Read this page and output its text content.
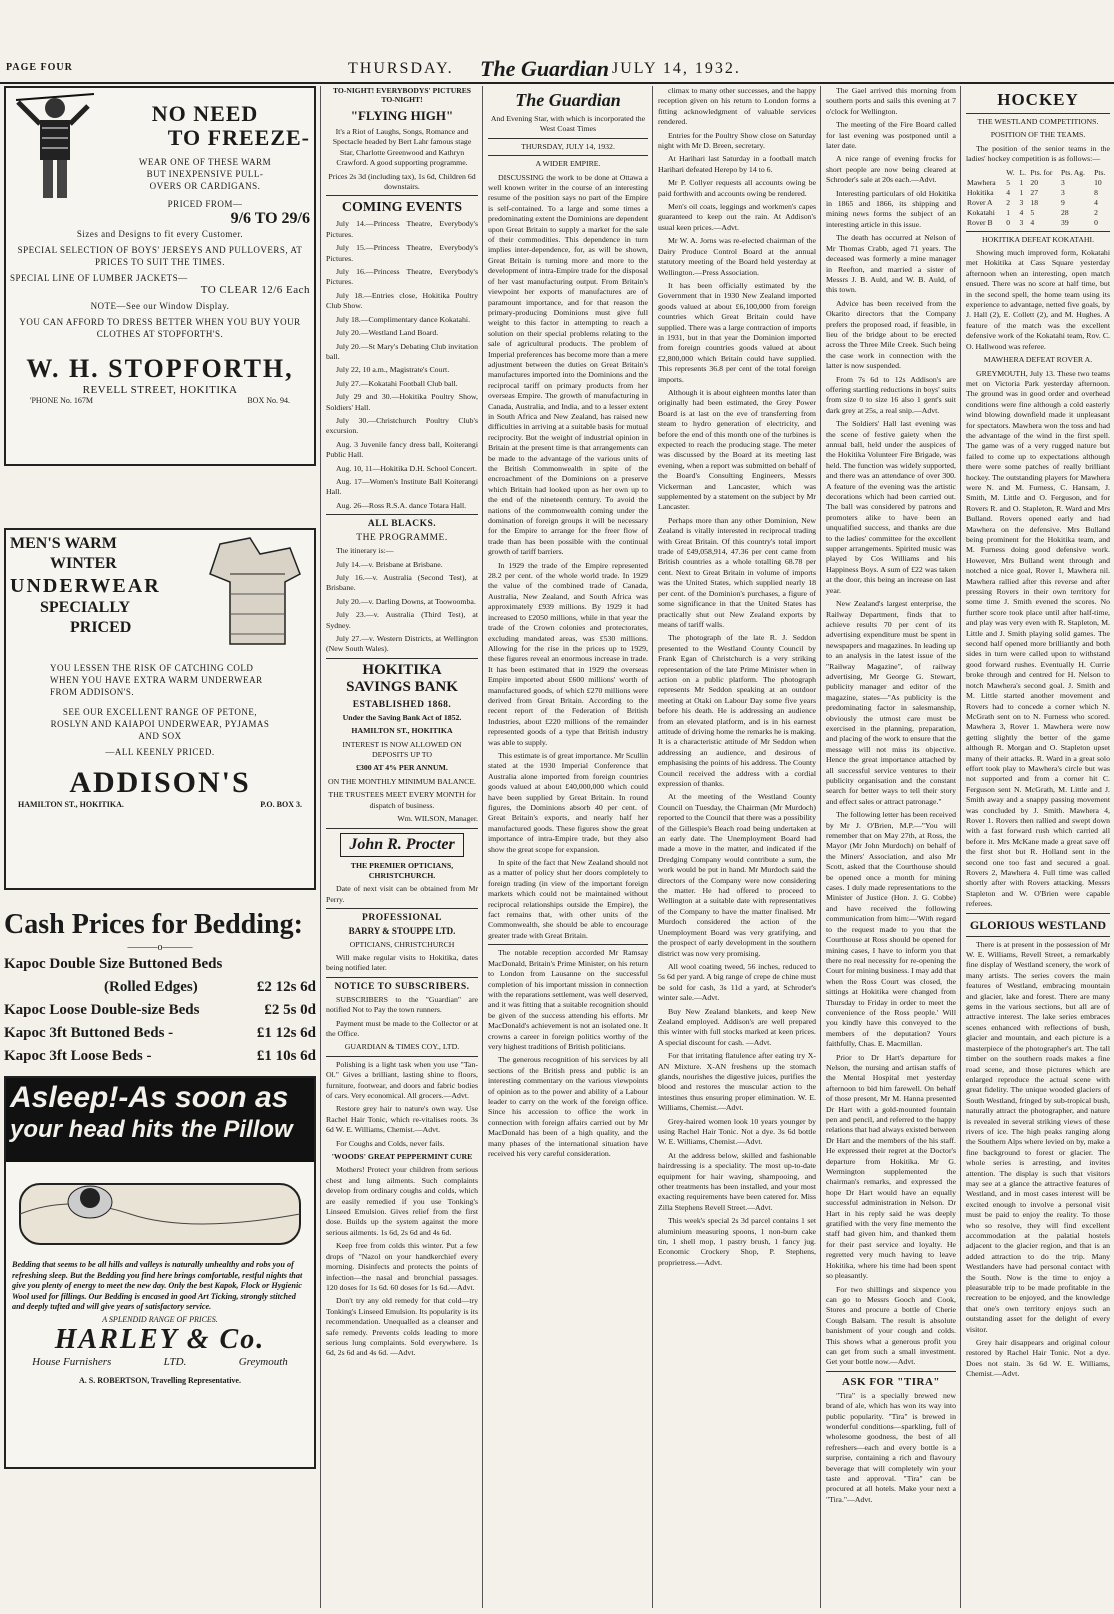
PAGE FOUR	THURSDAY. The Guardian JULY 14, 1932.
NO NEED
TO FREEZE-
WEAR ONE OF THESE WARM
BUT INEXPENSIVE PULL-
OVERS OR CARDIGANS.
PRICED FROM—
9/6 TO 29/6
Sizes and Designs to fit every Customer.
SPECIAL SELECTION OF BOYS' JERSEYS AND PULLOVERS, AT PRICES TO SUIT THE TIMES.
SPECIAL LINE OF LUMBER JACKETS—
TO CLEAR 12/6 Each
NOTE—See our Window Display.
YOU CAN AFFORD TO DRESS BETTER WHEN YOU BUY YOUR CLOTHES AT STOPFORTH'S.
W. H. STOPFORTH,
REVELL STREET, HOKITIKA
'PHONE No. 167M	BOX No. 94.
MEN'S WARM
WINTER
UNDERWEAR
SPECIALLY
PRICED
YOU LESSEN THE RISK OF CATCHING COLD WHEN YOU HAVE EXTRA WARM UNDERWEAR FROM ADDISON'S.
SEE OUR EXCELLENT RANGE OF PETONE, ROSLYN AND KAIAPOI UNDERWEAR, PYJAMAS AND SOX
—ALL KEENLY PRICED.
ADDISON'S
HAMILTON ST., HOKITIKA.	P.O. BOX 3.
Cash Prices for Bedding:
———o———
Kapoc Double Size Buttoned Beds
(Rolled Edges)	£2 12s 6d
Kapoc Loose Double-size Beds	£2 5s 0d
Kapoc 3ft Buttoned Beds -	£1 12s 6d
Kapoc 3ft Loose Beds -	£1 10s 6d
Asleep!-As soon as
your head hits the Pillow
Bedding that seems to be all hills and valleys is naturally unhealthy and robs you of refreshing sleep. But the Bedding you find here brings comfortable, restful nights that give you plenty of energy to meet the new day. Only the best Kapok, Flock or Hygienic Wool used for fillings. Our Bedding is encased in good Art Ticking, strongly stitched and deeply tufted and will give years of satisfactory service.
A SPLENDID RANGE OF PRICES.
HARLEY & Co.
House Furnishers	LTD.	Greymouth
A. S. ROBERTSON, Travelling Representative.
TO-NIGHT! EVERYBODYS' PICTURES TO-NIGHT!
"FLYING HIGH"
It's a Riot of Laughs, Songs, Romance and Spectacle headed by Bert Lahr famous stage Star, Charlotte Greenwood and Kathryn Crawford. A good supporting programme.
Prices 2s 3d (including tax), 1s 6d, Children 6d downstairs.
COMING EVENTS
July 14.—Princess Theatre, Everybody's Pictures.
July 15.—Princess Theatre, Everybody's Pictures.
July 16.—Princess Theatre, Everybody's Pictures.
July 18.—Entries close, Hokitika Poultry Club Show.
July 18.—Complimentary dance Kokatahi.
July 20.—Westland Land Board.
July 20.—St Mary's Debating Club invitation ball.
July 22, 10 a.m., Magistrate's Court.
July 27.—Kokatahi Football Club ball.
July 29 and 30.—Hokitika Poultry Show, Soldiers' Hall.
July 30.—Christchurch Poultry Club's excursion.
Aug. 3 Juvenile fancy dress ball, Koiterangi Public Hall.
Aug. 10, 11—Hokitika D.H. School Concert.
Aug. 17—Women's Institute Ball Koiterangi Hall.
Aug. 26—Ross R.S.A. dance Totara Hall.
ALL BLACKS.
THE PROGRAMME.
The itinerary is:—
July 14.—v. Brisbane at Brisbane.
July 16.—v. Australia (Second Test), at Brisbane.
July 20.—v. Darling Downs, at Toowoomba.
July 23.—v. Australia (Third Test), at Sydney.
July 27.—v. Western Districts, at Wellington (New South Wales).
HOKITIKA
SAVINGS BANK
ESTABLISHED 1868.
Under the Saving Bank Act of 1852.
HAMILTON ST., HOKITIKA
INTEREST IS NOW ALLOWED ON DEPOSITS UP TO
£300 AT 4% PER ANNUM.
ON THE MONTHLY MINIMUM BALANCE.
THE TRUSTEES MEET EVERY MONTH for dispatch of business.
Wm. WILSON, Manager.
John R. Procter
THE PREMIER OPTICIANS, CHRISTCHURCH.
Date of next visit can be obtained from Mr Perry.
PROFESSIONAL
BARRY & STOUPPE LTD.
OPTICIANS, CHRISTCHURCH
Will make regular visits to Hokitika, dates being notified later.
NOTICE TO SUBSCRIBERS.
SUBSCRIBERS to the "Guardian" are notified Not to Pay the town runners.
Payment must be made to the Collector or at the Office.
GUARDIAN & TIMES COY., LTD.
Polishing is a light task when you use "Tan-Ol." Gives a brilliant, lasting shine to floors, furniture, footwear, and doors and fabric bodies of cars. Very economical. All grocers.—Advt.
Restore grey hair to nature's own way. Use Rachel Hair Tonic, which re-vitalises roots. 3s 6d W. E. Williams, Chemist.—Advt.
For Coughs and Colds, never fails.
'WOODS' GREAT PEPPERMINT CURE
Mothers! Protect your children from serious chest and lung ailments. Such complaints develop from ordinary coughs and colds, which are easily remedied if you use Tonking's Linseed Emulsion. Gives relief from the first dose. Builds up the system against the more serious ailments. 1s 6d, 2s 6d and 4s 6d.
Keep free from colds this winter. Put a few drops of "Nazol on your handkerchief every morning. Disinfects and protects the points of infection—the nasal and bronchial passages. 120 doses for 1s 6d. 60 doses for 1s 6d.—Advt.
Don't try any old remedy for that cold—try Tonking's Linseed Emulsion. Its popularity is its recommendation. Unequalled as a cleanser and safe remedy. Prevents colds leading to more serious lung complaints. Sold everywhere. 1s 6d, 2s 6d and 4s 6d. —Advt.
The Guardian
And Evening Star, with which is incorporated the West Coast Times
THURSDAY, JULY 14, 1932.
A WIDER EMPIRE.
DISCUSSING the work to be done at Ottawa a well known writer in the course of an interesting resume of the position says no part of the Empire is self-contained. To a large and some times a predominating extent the Dominions are dependent upon Great Britain to supply a market for the sale of their commodities. This dependence in turn implies inter-dependence, for, as will be shown, Great Britain is turning more and more to the development of intra-Empire trade for the disposal of her vast manufacturing output. From Britain's viewpoint her exports of manufactures are of paramount importance, and for that reason the primary-producing Dominions must give full weight to this factor in attempting to reach a solution on their special problems relating to the sale of agricultural products. The problem of Imperial preferences has become more than a mere adjustment between the duties on Great Britain's manufactures imported into the Dominions and the reciprocal tariff on primary products from her overseas Empire. The growth of manufacturing in Canada, Australia, and India, and to a lesser extent in South Africa and New Zealand, has raised new difficulties in arriving at a suitable basis for mutual reciprocity. But the weight of industrial opinion in Britain at the present time is that arrangements can be made to the advantage of the various units of the British Commonwealth in spite of the encroachment of the Dominions on a preserve which Britain had looked upon as her own up to the end of the nineteenth century. To avoid the nations of the commonwealth coming under the domination of foreign groups it will be necessary for the Empire to arrange for the freer flow of trade than has been possible with the continual growth of tariff barriers.
In 1929 the trade of the Empire represented 28.2 per cent. of the whole world trade. In 1929 the value of the combined trade of Canada, Australia, New Zealand, and South Africa was approximately £939 millions. By 1929 it had increased to £2050 millions, while in that year the trade of the Crown colonies and protectorates, excluding mandated areas, was £530 millions. Allowing for the rise in the prices up to 1929, these figures reveal an enormous increase in trade. It has been estimated that in 1929 the overseas Empire imported about £600 millions' worth of manufactured goods, of which £270 millions were derived from Great Britain. According to the recent report of the Federation of British Industries, about £220 millions of the remainder represented goods of a type that British industry was able to supply.
This estimate is of great importance. Mr Scullin stated at the 1930 Imperial Conference that Australia alone imported from foreign countries goods valued at about £40,000,000 which could have been supplied by Great Britain. In round figures, the Dominions absorb 40 per cent. of Great Britain's exports, and nearly half her manufactured goods. These figures show the great importance of intra-Empire trade, but they also show the great scope for expansion.
In spite of the fact that New Zealand should not as a matter of policy shut her doors completely to foreign trading (in view of the important foreign markets which could not be maintained without reciprocal relationships outside the Empire), the fact remains that, with other units of the Commonwealth, she should be able to encourage greater trade with Great Britain.
The notable reception accorded Mr Ramsay MacDonald, Britain's Prime Minister, on his return to London from Lausanne on the successful completion of his important mission in connection with the reparations settlement, was well deserved, and it was fitting that a suitable recognition should be given of the success attending his efforts. Mr MacDonald's achievement is not an isolated one. It crowns a career in foreign politics worthy of the very highest traditions of British politicians.
The generous recognition of his services by all sections of the British press and public is an interesting commentary on the various viewpoints of opinion as to the power and ability of a Labour leader to carry on the work of the foreign office. Since his accession to office the work in connection with foreign affairs carried out by Mr MacDonald has been of a high quality, and the many phases of the international situation have received his very careful consideration.
climax to many other successes, and the happy reception given on his return to London forms a fitting acknowledgment of valuable services rendered.
Entries for the Poultry Show close on Saturday night with Mr D. Breen, secretary.
At Harihari last Saturday in a football match Harihari defeated Herepo by 14 to 6.
Mr P. Collyer requests all accounts owing be paid forthwith and accounts owing be rendered.
Men's oil coats, leggings and workmen's capes guaranteed to keep out the rain. At Addison's usual keen prices.—Advt.
Mr W. A. Jorns was re-elected chairman of the Dairy Produce Control Board at the annual statutory meeting of the Board held yesterday at Wellington.—Press Association.
It has been officially estimated by the Government that in 1930 New Zealand imported goods valued at about £6,100,000 from foreign countries which Great Britain could have supplied. There was a large contraction of imports in 1931, but in that year the Dominion imported from foreign countries goods valued at about £2,800,000 which Britain could have supplied. This represents 36.8 per cent of the total foreign imports.
Although it is about eighteen months later than originally had been estimated, the Grey Power Board is at last on the eve of transferring from steam to hydro generation of electricity, and before the end of this month one of the turbines is expected to reach the producing stage. The meter was discussed by the Board at its meeting last evening, when a report was submitted on behalf of the Board's Consulting Engineers, Messrs Vickerman and Lancaster, which was supplemented by a statement on the subject by Mr Lancaster.
Perhaps more than any other Dominion, New Zealand is vitally interested in reciprocal trading with Great Britain. Of this country's total import trade of £49,058,914, 47.36 per cent came from British countries as a whole totalling 68.78 per cent. Next to Great Britain in volume of imports was the United States, which supplied nearly 18 per cent. of the Dominion's purchases, a figure of some significance in that the United States has practically shut out New Zealand exports by means of tariff walls.
The photograph of the late R. J. Seddon presented to the Westland County Council by Frank Egan of Christchurch is a very striking representation of the late Prime Minister when in action on a public platform. The photograph represents Mr Seddon speaking at an outdoor meeting at Otaki on Labour Day some five years before his death. He is addressing an audience from an elevated platform, and is in his earnest attitude of driving home the remarks he is making. It is a characteristic attitude of Mr Seddon when addressing an audience, and desirous of emphasising the points of his address. The County Council received the address with a cordial expression of thanks.
At the meeting of the Westland County Council on Tuesday, the Chairman (Mr Murdoch) reported to the Council that there was a possibility of the Gillespie's Beach road being undertaken at an early date. The Unemployment Board had made a move in the matter, and indicated if the Dredging Company would contribute a sum, the work would be put in hand. Mr Murdoch said the directors of the Company were now considering the matter. He had offered to proceed to Wellington at a suitable date with representatives of the Company to have the matter finalised. Mr Murdoch considered the action of the Unemployment Board was very gratifying, and the prospect of early development in the southern district was now very promising.
All wool coating tweed, 56 inches, reduced to 5s 6d per yard. A big range of crepe de chine must be sold for cash, 3s 11d a yard, at Schroder's winter sale.—Advt.
Buy New Zealand blankets, and keep New Zealand employed. Addison's are well prepared this winter with full stocks marked at keen prices. A special discount for cash. —Advt.
For that irritating flatulence after eating try X-AN Mixture. X-AN freshens up the stomach glands, nourishes the digestive juices, purifies the blood and restores the muscular action to the intestines thus ensuring proper elimination. W. E. Williams, Chemist.—Advt.
Grey-haired women look 10 years younger by using Rachel Hair Tonic. Not a dye. 3s 6d bottle W. E. Williams, Chemist.—Advt.
At the address below, skilled and fashionable hairdressing is a speciality. The most up-to-date equipment for hair waving, shampooing, and other treatments has been installed, and your most exacting requirements have been catered for. Miss Zilla Stephens Revell Street.—Advt.
This week's special 2s 3d parcel contains 1 set aluminium measuring spoons, 1 non-burn cake tin, 1 shell mop, 1 pastry brush, 1 fancy jug. Economic Crockery Shop, P. Stephens, proprietress.—Advt.
The Gael arrived this morning from southern ports and sails this evening at 7 o'clock for Wellington.
The meeting of the Fire Board called for last evening was postponed until a later date.
A nice range of evening frocks for short people are now being cleared at Schroder's sale at 20s each.—Advt.
Interesting particulars of old Hokitika in 1865 and 1866, its shipping and mining news forms the subject of an interesting article in this issue.
The death has occurred at Nelson of Mr Thomas Crabb, aged 71 years. The deceased was formerly a mine manager in Reefton, and married a sister of Messrs J. B. Auld, and W. B. Auld, of this town.
Advice has been received from the Okarito directors that the Company prefers the proposed road, if feasible, in lieu of the bridge about to be erected across the Three Mile Creek. Such being the case work in connection with the latter is now suspended.
From 7s 6d to 12s Addison's are offering startling reductions in boys' suits from size 0 to size 16 also 1 gent's suit dark grey at 25s, a real snip.—Advt.
The Soldiers' Hall last evening was the scene of festive gaiety when the annual ball, held under the auspices of the Hokitika Volunteer Fire Brigade, was held. The function was widely supported, and there was an attendance of over 300. A feature of the evening was the artistic decorations which had been carried out. The ball was considered by patrons and promoters alike to have been an unqualified success, and thanks are due to the ladies' committee for the excellent supper arrangements. Spirited music was played by Cos Williams and his Happiness Boys. A sum of £22 was taken at the door, this being an increase on last year.
New Zealand's largest enterprise, the Railway Department, finds that to achieve results 70 per cent of its advertising expenditure must be spent in newspapers and magazines. In leading up to an analysis in the latest issue of the "Railway Magazine", of railway advertising, Mr George G. Stewart, publicity manager and editor of the magazine, states—"As publicity is the predominating factor in salesmanship, obviously the utmost care must be exercised in the planning, preparation, and placing of the work to ensure that the message will not miss its objective. Hence the great importance attached by all successful service ventures to their publicity organisation and the constant search for better ways to tell their story and effect sales or attract patronage."
The following letter has been received by Mr J. O'Brien, M.P.—"You will remember that on May 27th, at Ross, the Mayor (Mr John Murdoch) on behalf of the Miners' Association, and also Mr Scott, asked that the Courthouse should be opened once a month for mining cases. I duly made representations to the Minister of Justice (Hon. J. G. Cobbe) and have received the following communication from him:—'With regard to the request made to you that the Courthouse at Ross should be opened for mining cases, I have to inform you that there no real necessity for re-opening the Court for mining business. I may add that when the Ross Court was closed, the sittings at Hokitika were changed from Thursday to Friday in order to meet the convenience of the Ross people.' Will you kindly have this conveyed to the members of the deputation? Yours faithfully, Chas. E. Macmillan.
Prior to Dr Hart's departure for Nelson, the nursing and artisan staffs of the Mental Hospital met yesterday afternoon to bid him farewell. On behalf of those present, Mr M. Hanna presented Dr Hart with a gold-mounted fountain pen and pencil, and referred to the happy relations that had always existed between Dr Hart and the members of the his staff. He expressed their regret at the Doctor's departure from Hokitika. Mr G. Wermington supplemented the chairman's remarks, and expressed the hope Dr Hart would have an equally successful administration in Nelson. Dr Hart in his reply said he was deeply gratified with the very fine memento the staff had given him, and thanked them for their past service and loyalty. He regretted very much having to leave Hokitika, where his time had been spent so pleasantly.
For two shillings and sixpence you can go to Messrs Gooch and Cook, Stores and procure a bottle of Cherie Cough Balsam. The result is absolute banishment of your cough and colds. This shows what a generous profit you can get from such a small investment. Get your bottle now.—Advt.
ASK FOR "TIRA"
"Tira" is a specially brewed new brand of ale, which has won its way into public popularity. "Tira" is brewed in wonderful conditions—sparkling, full of wholesome goodness, the best of all refreshers—each and every bottle is a surprise, containing a rich and flavoury beverage that will completely win your taste and approval. "Tira" can be procured at all hotels. Make your next a "Tira."—Advt.
HOCKEY
THE WESTLAND COMPETITIONS.
POSITION OF THE TEAMS.
The position of the senior teams in the ladies' hockey competition is as follows:—
	W.	L.	Pts. for	Pts. Ag.	Pts.
Mawhera	5	1	20	3	10
Hokitika	4	1	27	3	8
Rover A	2	3	18	9	4
Kokatahi	1	4	5	28	2
Rover B	0	3	4	39	0
HOKITIKA DEFEAT KOKATAHI.
Showing much improved form, Kokatahi met Hokitika at Cass Square yesterday afternoon when an interesting, open match ensued. There was no score at half time, but in the second spell, the home team using its experience to advantage, netted five goals, by J. Hall (2), E. Collett (2), and M. Hughes. A feature of the match was the excellent defensive work of the Kokatahi team, Rov. C. O. Hallwood was referee.
MAWHERA DEFEAT ROVER A.
GREYMOUTH, July 13. These two teams met on Victoria Park yesterday afternoon. The ground was in good order and overhead conditions were fine although a cold easterly wind blowing downfield made it unpleasant for spectators. Mawhera won the toss and had the advantage of the wind in the first spell. The game was of a very rugged nature but failed to come up to expectations although there were some patches of really brilliant hockey. The outstanding players for Mawhera were N. and M. Furness, C. Hansam, J. Smith, M. Little and O. Ferguson, and for Rovers R. and O. Stapleton, R. Ward and Mrs Bulland. Rovers opened early and had Mawhera on the defensive. Mrs Bulland being prominent for the Hokitika team, and M. Furness doing good defensive work. However, Mrs Bulland went through and notched a nice goal, Rover 1, Mawhera nil. Mawhera rallied after this reverse and after pressing Rovers in their own territory for some time J. Smith evened the scores. No further score took place until after half-time, and play was very even with R. Stapleton, M. Little and J. Smith playing solid games. The second half opened more brilliantly and both sides in turn were called upon to withstand good forward rushes. Eventually H. Currie broke through and centred for H. Nelson to notch Mawhera's second goal. J. Smith and M. Little started another movement and Rovers had to concede a corner which N. McGrath sent on to N. Furness who scored. Mawhera 3, Rover 1. Mawhera were now getting slightly the better of the game although R. Morgan and O. Stapleton upset many of their attacks. R. Ward in a great solo effort took play to Mawhera's circle but was not supported and from a corner hit C. Ferguson sent N. McGrath, M. Little and J. Smith away and a snappy passing movement was concluded by J. Smith. Mawhera 4, Rover 1. Rovers then rallied and swept down with a fast forward rush which carried all before it. Mrs McKane made a great save off the first shot but R. Holland sent in the second one too fast and secured a goal. Rovers 2, Mawhera 4. Full time was called shortly after with Rovers attacking. Messrs Stapleton and W. O'Brien were capable referees.
GLORIOUS WESTLAND
There is at present in the possession of Mr W. E. Williams, Revell Street, a remarkably fine display of Westland scenery, the work of many artists. The series covers the main features of Westland, embracing mountain and glacier, lake and forest. There are many gems in the various sections, but all are of attractive interest. The lake series embraces scenes enhanced with reflections of bush, glacier and mountain, and each picture is a masterpiece of the photographer's art. The tall timber on the southern roads makes a fine road scene, and those pictures which are enlarged reproduce the actual scene with great fidelity. The unique wooded glaciers of South Westland, fringed by sub-tropical bush, naturally attract the photographer, and nature is revealed in several striking views of these rivers of ice. The high peaks ranging along the Southern Alps where levied on by, make a fine background to forest or glacier. The whole series is arresting, and invites attention. The display is such that visitors may see at a glance the attractive features of Westland, and in most cases interest will be excited enough to involve a personal visit must be paid to enjoy the reality. To those who so resolve, they will find excellent accommodation at the palatial hostels adjacent to the glacier region, and that is an added attraction to do the trip. Many Westlanders have had personal contact with the South. Now is the time to enjoy a pleasurable trip to be made profitable in the recreation to be enjoyed, and the knowledge that one's own territory enjoys such an outstanding asset for the delight of every visitor.
Grey hair disappears and original colour restored by Rachel Hair Tonic. Not a dye. Does not stain. 3s 6d W. E. Williams, Chemist.—Advt.
